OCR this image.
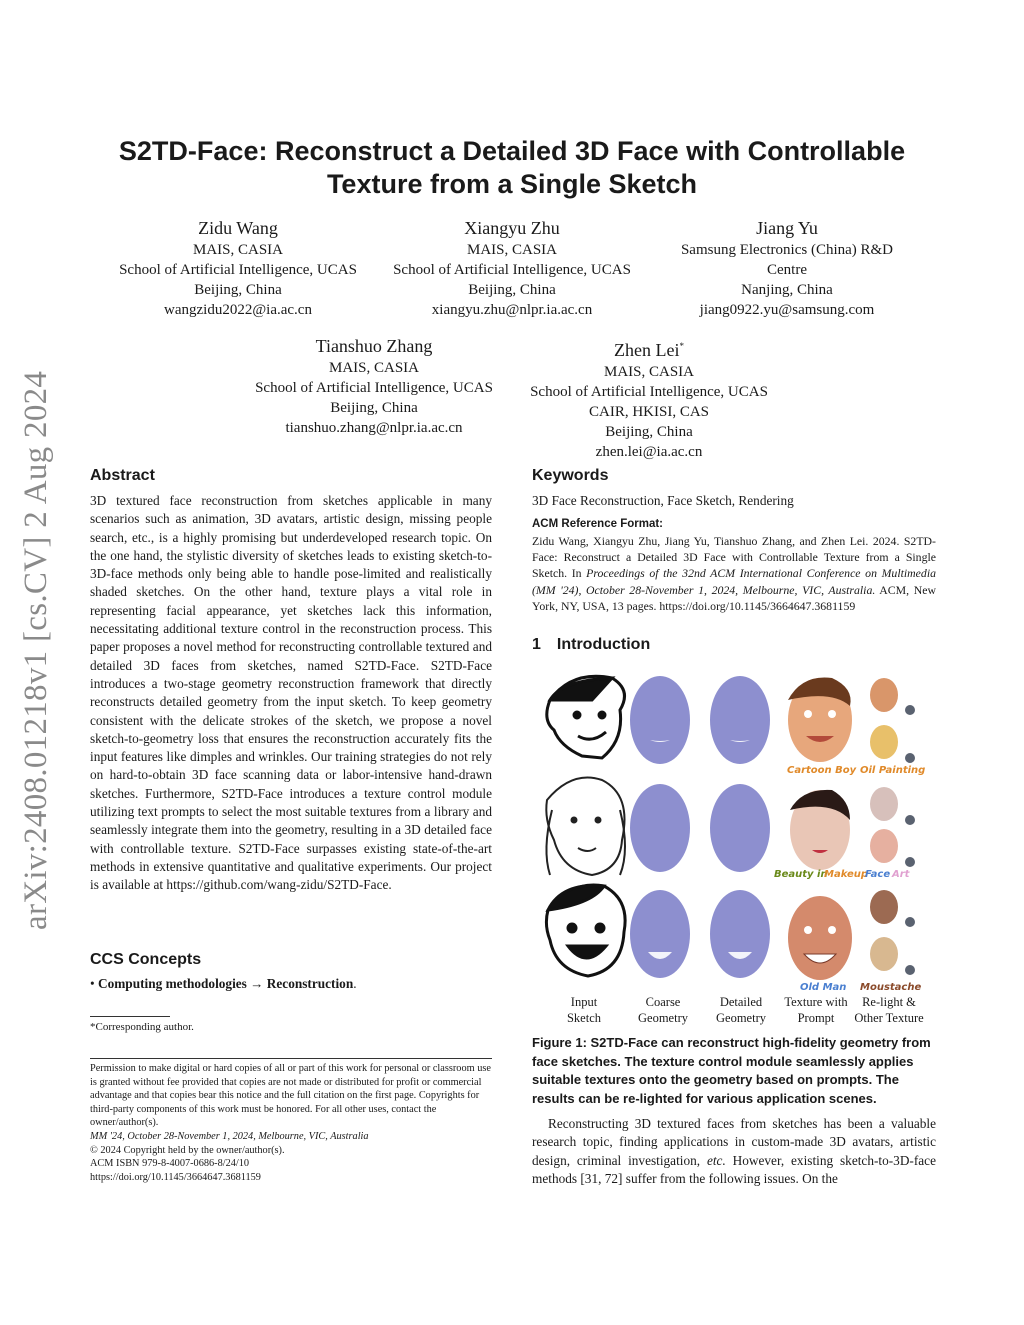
arXiv:2408.01218v1 [cs.CV] 2 Aug 2024
S2TD-Face: Reconstruct a Detailed 3D Face with Controllable
Texture from a Single Sketch
Zidu Wang
MAIS, CASIA
School of Artificial Intelligence, UCAS
Beijing, China
wangzidu2022@ia.ac.cn
Xiangyu Zhu
MAIS, CASIA
School of Artificial Intelligence, UCAS
Beijing, China
xiangyu.zhu@nlpr.ia.ac.cn
Jiang Yu
Samsung Electronics (China) R&D
Centre
Nanjing, China
jiang0922.yu@samsung.com
Tianshuo Zhang
MAIS, CASIA
School of Artificial Intelligence, UCAS
Beijing, China
tianshuo.zhang@nlpr.ia.ac.cn
Zhen Lei*
MAIS, CASIA
School of Artificial Intelligence, UCAS
CAIR, HKISI, CAS
Beijing, China
zhen.lei@ia.ac.cn
Abstract
3D textured face reconstruction from sketches applicable in many scenarios such as animation, 3D avatars, artistic design, missing people search, etc., is a highly promising but underdeveloped research topic. On the one hand, the stylistic diversity of sketches leads to existing sketch-to-3D-face methods only being able to handle pose-limited and realistically shaded sketches. On the other hand, texture plays a vital role in representing facial appearance, yet sketches lack this information, necessitating additional texture control in the reconstruction process. This paper proposes a novel method for reconstructing controllable textured and detailed 3D faces from sketches, named S2TD-Face. S2TD-Face introduces a two-stage geometry reconstruction framework that directly reconstructs detailed geometry from the input sketch. To keep geometry consistent with the delicate strokes of the sketch, we propose a novel sketch-to-geometry loss that ensures the reconstruction accurately fits the input features like dimples and wrinkles. Our training strategies do not rely on hard-to-obtain 3D face scanning data or labor-intensive hand-drawn sketches. Furthermore, S2TD-Face introduces a texture control module utilizing text prompts to select the most suitable textures from a library and seamlessly integrate them into the geometry, resulting in a 3D detailed face with controllable texture. S2TD-Face surpasses existing state-of-the-art methods in extensive quantitative and qualitative experiments. Our project is available at https://github.com/wang-zidu/S2TD-Face.
CCS Concepts
• Computing methodologies → Reconstruction.
*Corresponding author.
Permission to make digital or hard copies of all or part of this work for personal or classroom use is granted without fee provided that copies are not made or distributed for profit or commercial advantage and that copies bear this notice and the full citation on the first page. Copyrights for third-party components of this work must be honored. For all other uses, contact the owner/author(s).
MM '24, October 28-November 1, 2024, Melbourne, VIC, Australia
© 2024 Copyright held by the owner/author(s).
ACM ISBN 979-8-4007-0686-8/24/10
https://doi.org/10.1145/3664647.3681159
Keywords
3D Face Reconstruction, Face Sketch, Rendering
ACM Reference Format:
Zidu Wang, Xiangyu Zhu, Jiang Yu, Tianshuo Zhang, and Zhen Lei. 2024. S2TD-Face: Reconstruct a Detailed 3D Face with Controllable Texture from a Single Sketch. In Proceedings of the 32nd ACM International Conference on Multimedia (MM '24), October 28-November 1, 2024, Melbourne, VIC, Australia. ACM, New York, NY, USA, 13 pages. https://doi.org/10.1145/3664647.3681159
1 Introduction
Cartoon Boy Oil Painting
Beauty in
Makeup
Face Art
Old Man Moustache
Input
Sketch
Coarse
Geometry
Detailed
Geometry
Texture with
Prompt
Re-light &
Other Texture
Figure 1: S2TD-Face can reconstruct high-fidelity geometry from face sketches. The texture control module seamlessly applies suitable textures onto the geometry based on prompts. The results can be re-lighted for various application scenes.
Reconstructing 3D textured faces from sketches has been a valuable research topic, finding applications in custom-made 3D avatars, artistic design, criminal investigation, etc. However, existing sketch-to-3D-face methods [31, 72] suffer from the following issues. On the
